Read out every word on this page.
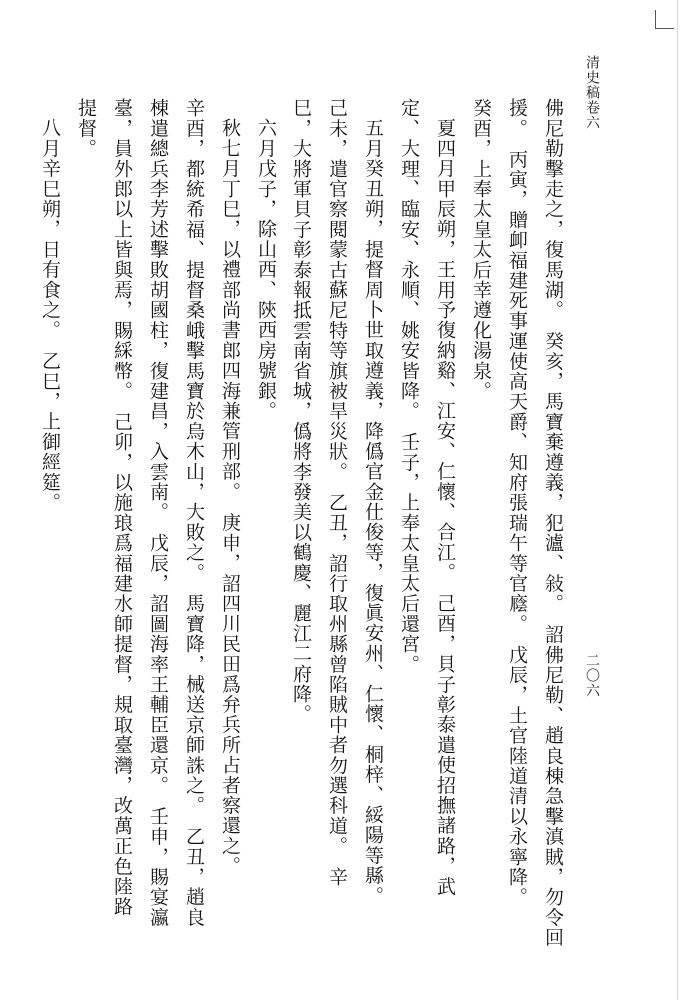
清史稿卷六
二〇六
佛尼勒擊走之，復馬湖。　癸亥，馬寶棄遵義，犯瀘、敍。　詔佛尼勒、趙良棟急擊滇賊，勿令回
援。　丙寅，贈卹福建死事運使高天爵、知府張瑞午等官廕。　戊辰，土官陸道清以永寧降。
癸酉，上奉太皇太后幸遵化湯泉。
夏四月甲辰朔，王用予復納谿、江安、仁懷、合江。　己酉，貝子彰泰遣使招撫諸路，武
定、大理、臨安、永順、姚安皆降。　壬子，上奉太皇太后還宮。
五月癸丑朔，提督周卜世取遵義，降僞官金仕俊等，復眞安州、仁懷、桐梓、綏陽等縣。
己未，遣官察閱蒙古蘇尼特等旗被旱災狀。　乙丑，詔行取州縣曾陷賊中者勿選科道。　辛
巳，大將軍貝子彰泰報抵雲南省城，僞將李發美以鶴慶、麗江二府降。
六月戊子，除山西、陝西房號銀。
秋七月丁巳，以禮部尚書郎四海兼管刑部。　庚申，詔四川民田爲弁兵所占者察還之。
辛酉，都統希福、提督桑峨擊馬寶於烏木山，大敗之。　馬寶降，械送京師誅之。　乙丑，趙良
棟遣總兵李芳述擊敗胡國柱，復建昌，入雲南。　戊辰，詔圖海率王輔臣還京。　壬申，賜宴瀛
臺，員外郎以上皆與焉，賜綵幣。　己卯，以施琅爲福建水師提督，規取臺灣，改萬正色陸路
提督。
八月辛巳朔，日有食之。　乙巳，上御經筵。
